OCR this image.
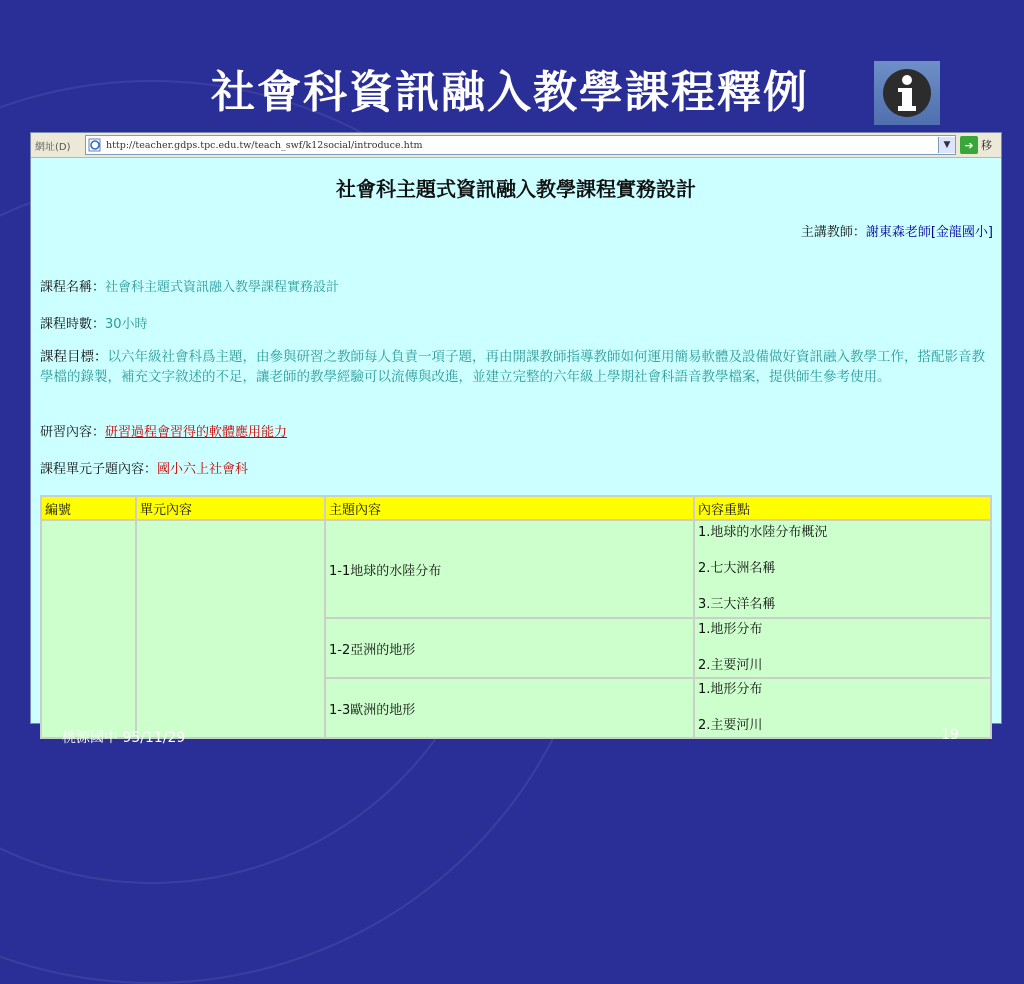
社會科資訊融入教學課程釋例
網址(D)	http://teacher.gdps.tpc.edu.tw/teach_swf/k12social/introduce.htm	▼	➔ 移
社會科主題式資訊融入教學課程實務設計
主講教師：謝東森老師[金龍國小]
課程名稱：社會科主題式資訊融入教學課程實務設計
課程時數：30小時
課程目標：以六年級社會科爲主題，由參與研習之教師每人負責一項子題，再由開課教師指導教師如何運用簡易軟體及設備做好資訊融入教學工作，搭配影音教學檔的錄製，補充文字敘述的不足，讓老師的教學經驗可以流傳與改進，並建立完整的六年級上學期社會科語音教學檔案，提供師生參考使用。
研習內容：研習過程會習得的軟體應用能力
課程單元子題內容：國小六上社會科
編號	單元內容	主題內容	內容重點
		1-1地球的水陸分布	1.地球的水陸分布概況
2.七大洲名稱
3.三大洋名稱

		1-2亞洲的地形	1.地形分布
2.主要河川

		1-3歐洲的地形	1.地形分布
2.主要河川
桃源國中 95/11/29	19
